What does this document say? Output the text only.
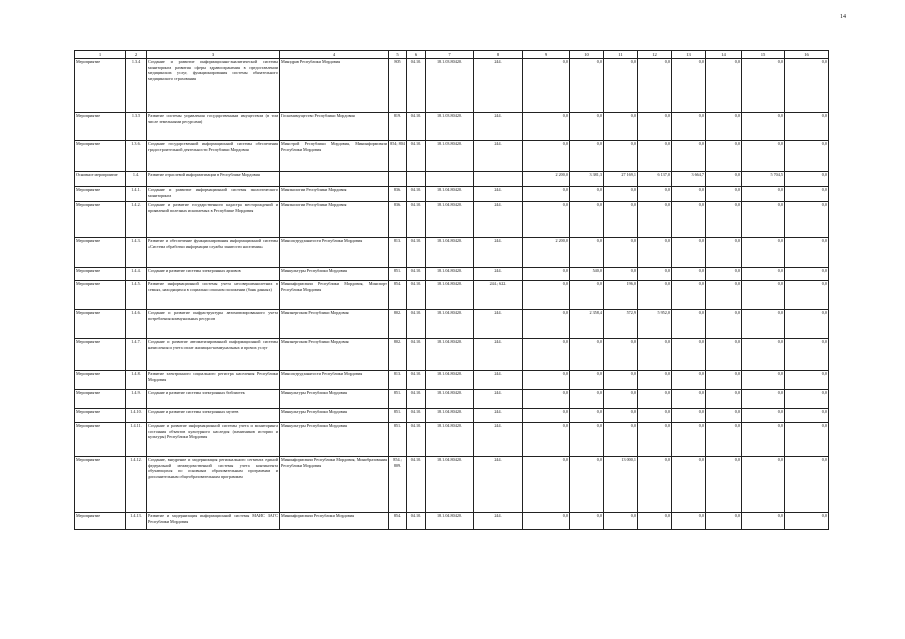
14
1	2	3	4	5	6	7	8	9	10	11	12	13	14	15	16
Мероприятие	1.3.4	Создание и развитие информационно-аналитической системы мониторинга развития сферы здравоохранения в предоставлении медицинских услуг, функционирования системы обязательного медицинского страхования	Минздрав Республики Мордовия	805	04.10.	18.1.03.80420.	244.	0,0	0,0	0,0	0,0	0,0	0,0	0,0	0,0
Мероприятие	1.3.5	Развитие системы управления государственным имуществом (в том числе земельными ресурсами)	Госкомимущество Республики Мордовия	819.	04.10.	18.1.03.80420.	244.	0,0	0,0	0,0	0,0	0,0	0,0	0,0	0,0
Мероприятие	1.3.6.	Создание государственной информационной системы обеспечения градостроительной деятельности Республики Мордовия	Минстрой Республики Мордовия, Мининформсвязи Республики Мордовия	854; 804	04.10.	18.1.03.80420.	244.	0,0	0,0	0,0	0,0	0,0	0,0	0,0	0,0
Основное мероприятие	1.4.	Развитие отраслевой информатизации в Республике Мордовия						2 200,0	3 381,3	27 169,1	6 137,0	3 664,7	0,0	5 704,5	0,0
Мероприятие	1.4.1.	Создание и развитие информационной системы экологического мониторинга	Минэкологии Республики Мордовия	836.	04.10.	18.1.04.80420.	244.	0,0	0,0	0,0	0,0	0,0	0,0	0,0	0,0
Мероприятие	1.4.2.	Создание и развитие государственного кадастра месторождений и проявлений полезных ископаемых в Республике Мордовия	Минэкологии Республики Мордовия	836.	04.10.	18.1.04.80420.	244.	0,0	0,0	0,0	0,0	0,0	0,0	0,0	0,0
Мероприятие	1.4.3.	Развитие и обеспечение функционирования информационной системы «Система обработки информации службы занятости населения»	Минсоцтрудзанятости Республики Мордовия	813.	04.10.	18.1.04.80420.	244.	2 200,0	0,0	0,0	0,0	0,0	0,0	0,0	0,0
Мероприятие	1.4.4.	Создание и развитие системы электронных архивов	Минкультуры Республики Мордовия	851.	04.10.	18.1.04.80420.	244.	0,0	540,0	0,0	0,0	0,0	0,0	0,0	0,0
Мероприятие	1.4.5.	Развитие информационной системы учета несовершеннолетних в семьях, находящихся в социально опасном положении (банк данных)	Мининформсвязи Республики Мордовия, Минспорт Республики Мордовия	854.	04.10.	18.1.04.80420.	244.; 622.	0,0	0,0	196,0	0,0	0,0	0,0	0,0	0,0
Мероприятие	1.4.6.	Создание и развитие инфраструктуры автоматизированного учета потребления коммунальных ресурсов	Минэнергоком Республики Мордовия	802.	04.10.	18.1.04.80420.	244.	0,0	2 358,4	572,9	5 952,0	0,0	0,0	0,0	0,0
Мероприятие	1.4.7.	Создание и развитие автоматизированной информационной системы начисления и учета оплат жилищно-коммунальных и прочих услуг	Минэнергоком Республики Мордовия	802.	04.10.	18.1.04.80420.	244.	0,0	0,0	0,0	0,0	0,0	0,0	0,0	0,0
Мероприятие	1.4.8.	Развитие электронного социального регистра населения Республики Мордовия	Минсоцтрудзанятости Республики Мордовия	813.	04.10.	18.1.04.80420.	244.	0,0	0,0	0,0	0,0	0,0	0,0	0,0	0,0
Мероприятие	1.4.9.	Создание и развитие системы электронных библиотек	Минкультуры Республики Мордовия	851.	04.10.	18.1.04.80420.	244.	0,0	0,0	0,0	0,0	0,0	0,0	0,0	0,0
Мероприятие	1.4.10.	Создание и развитие системы электронных музеев	Минкультуры Республики Мордовия	851.	04.10.	18.1.04.80420.	244.	0,0	0,0	0,0	0,0	0,0	0,0	0,0	0,0
Мероприятие	1.4.11.	Создание и развитие информационной системы учета и мониторинга состояния объектов культурного наследия (памятников истории и культуры) Республики Мордовия	Минкультуры Республики Мордовия	851.	04.10.	18.1.04.80420.	244.	0,0	0,0	0,0	0,0	0,0	0,0	0,0	0,0
Мероприятие	1.4.12.	Создание, внедрение и модернизация регионального сегмента единой федеральной межведомственной системы учета контингента обучающихся по основным образовательным программам и дополнительным общеобразовательным программам	Мининформсвязи Республики Мордовия, Минобразования Республики Мордовия	854.; 809.	04.10.	18.1.04.80420.	244.	0,0	0,0	13 000,1	0,0	0,0	0,0	0,0	0,0
Мероприятие	1.4.13.	Развитие и модернизация информационной системы МАИС ЗАГС Республики Мордовия	Мининформсвязи Республики Мордовия	854.	04.10.	18.1.04.80420.	244.	0,0	0,0	0,0	0,0	0,0	0,0	0,0	0,0
